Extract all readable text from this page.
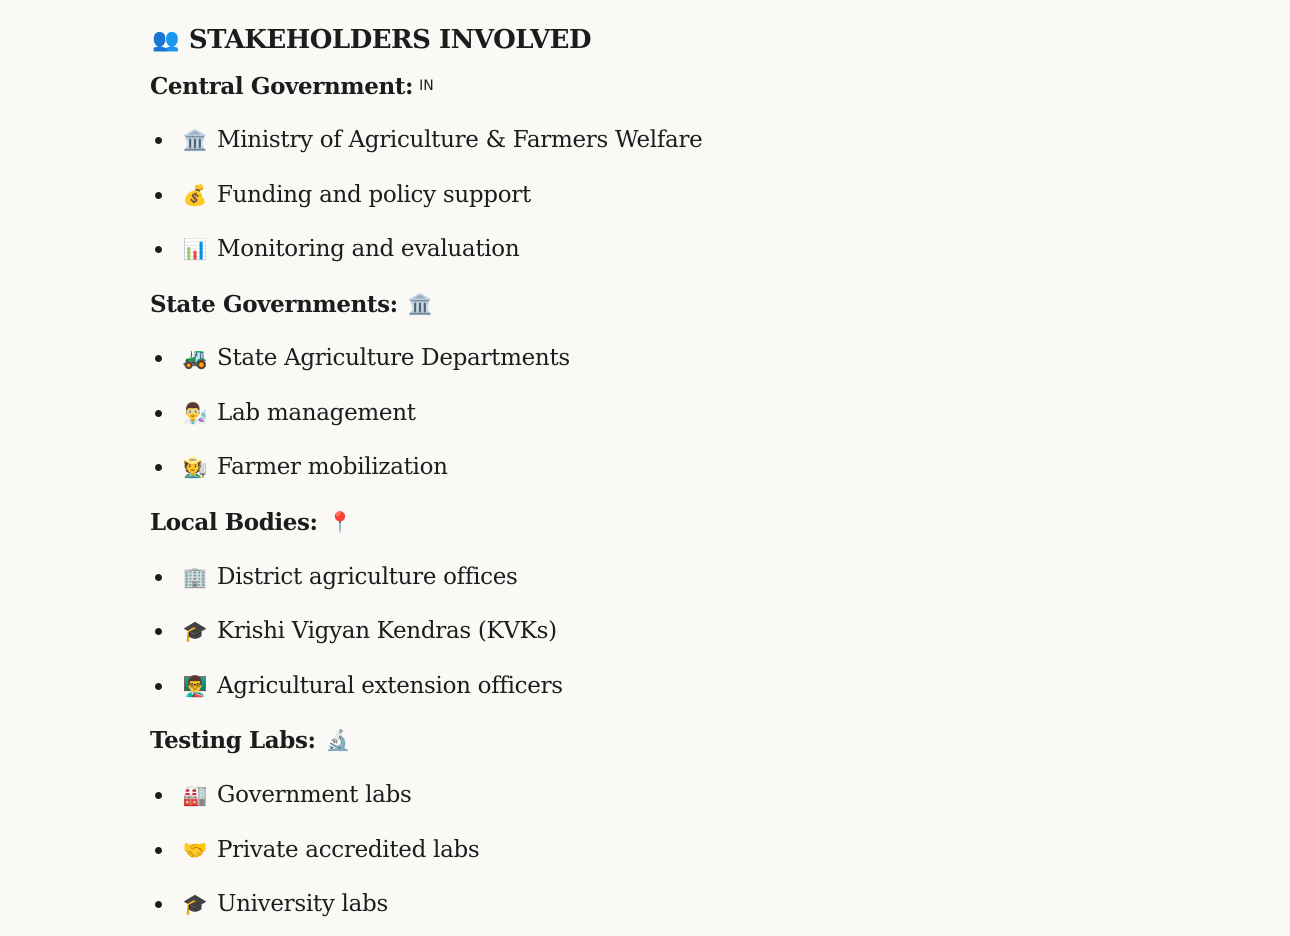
👥 STAKEHOLDERS INVOLVED
Central Government: IN
🏛️ Ministry of Agriculture & Farmers Welfare
💰 Funding and policy support
📊 Monitoring and evaluation
State Governments: 🏛️
🚜 State Agriculture Departments
👨‍🔬 Lab management
🧑‍🌾 Farmer mobilization
Local Bodies: 📍
🏢 District agriculture offices
🎓 Krishi Vigyan Kendras (KVKs)
👨‍🏫 Agricultural extension officers
Testing Labs: 🔬
🏭 Government labs
🤝 Private accredited labs
🎓 University labs
